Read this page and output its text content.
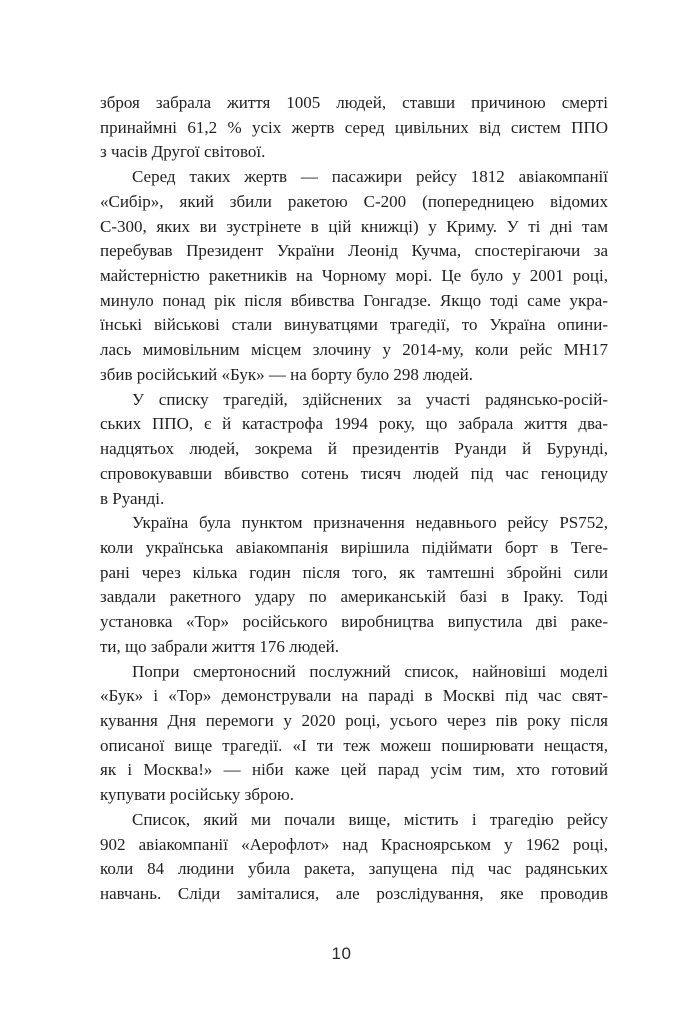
зброя забрала життя 1005 людей, ставши причиною смерті
принаймні 61,2 % усіх жертв серед цивільних від систем ППО
з часів Другої світової.
Серед таких жертв — пасажири рейсу 1812 авіакомпанії
«Сибір», який збили ракетою С-200 (попередницею відомих
С-300, яких ви зустрінете в цій книжці) у Криму. У ті дні там
перебував Президент України Леонід Кучма, спостерігаючи за
майстерністю ракетників на Чорному морі. Це було у 2001 році,
минуло понад рік після вбивства Гонгадзе. Якщо тоді саме укра-
їнські військові стали винуватцями трагедії, то Україна опини-
лась мимовільним місцем злочину у 2014-му, коли рейс MH17
збив російський «Бук» — на борту було 298 людей.
У списку трагедій, здійснених за участі радянсько-росій-
ських ППО, є й катастрофа 1994 року, що забрала життя два-
надцятьох людей, зокрема й президентів Руанди й Бурунді,
спровокувавши вбивство сотень тисяч людей під час геноциду
в Руанді.
Україна була пунктом призначення недавнього рейсу PS752,
коли українська авіакомпанія вирішила підіймати борт в Теге-
рані через кілька годин після того, як тамтешні збройні сили
завдали ракетного удару по американській базі в Іраку. Тоді
установка «Тор» російського виробництва випустила дві раке-
ти, що забрали життя 176 людей.
Попри смертоносний послужний список, найновіші моделі
«Бук» і «Тор» демонстрували на параді в Москві під час свят-
кування Дня перемоги у 2020 році, усього через пів року після
описаної вище трагедії. «І ти теж можеш поширювати нещастя,
як і Москва!» — ніби каже цей парад усім тим, хто готовий
купувати російську зброю.
Список, який ми почали вище, містить і трагедію рейсу
902 авіакомпанії «Аерофлот» над Красноярськом у 1962 році,
коли 84 людини убила ракета, запущена під час радянських
навчань. Сліди заміталися, але розслідування, яке проводив
10
